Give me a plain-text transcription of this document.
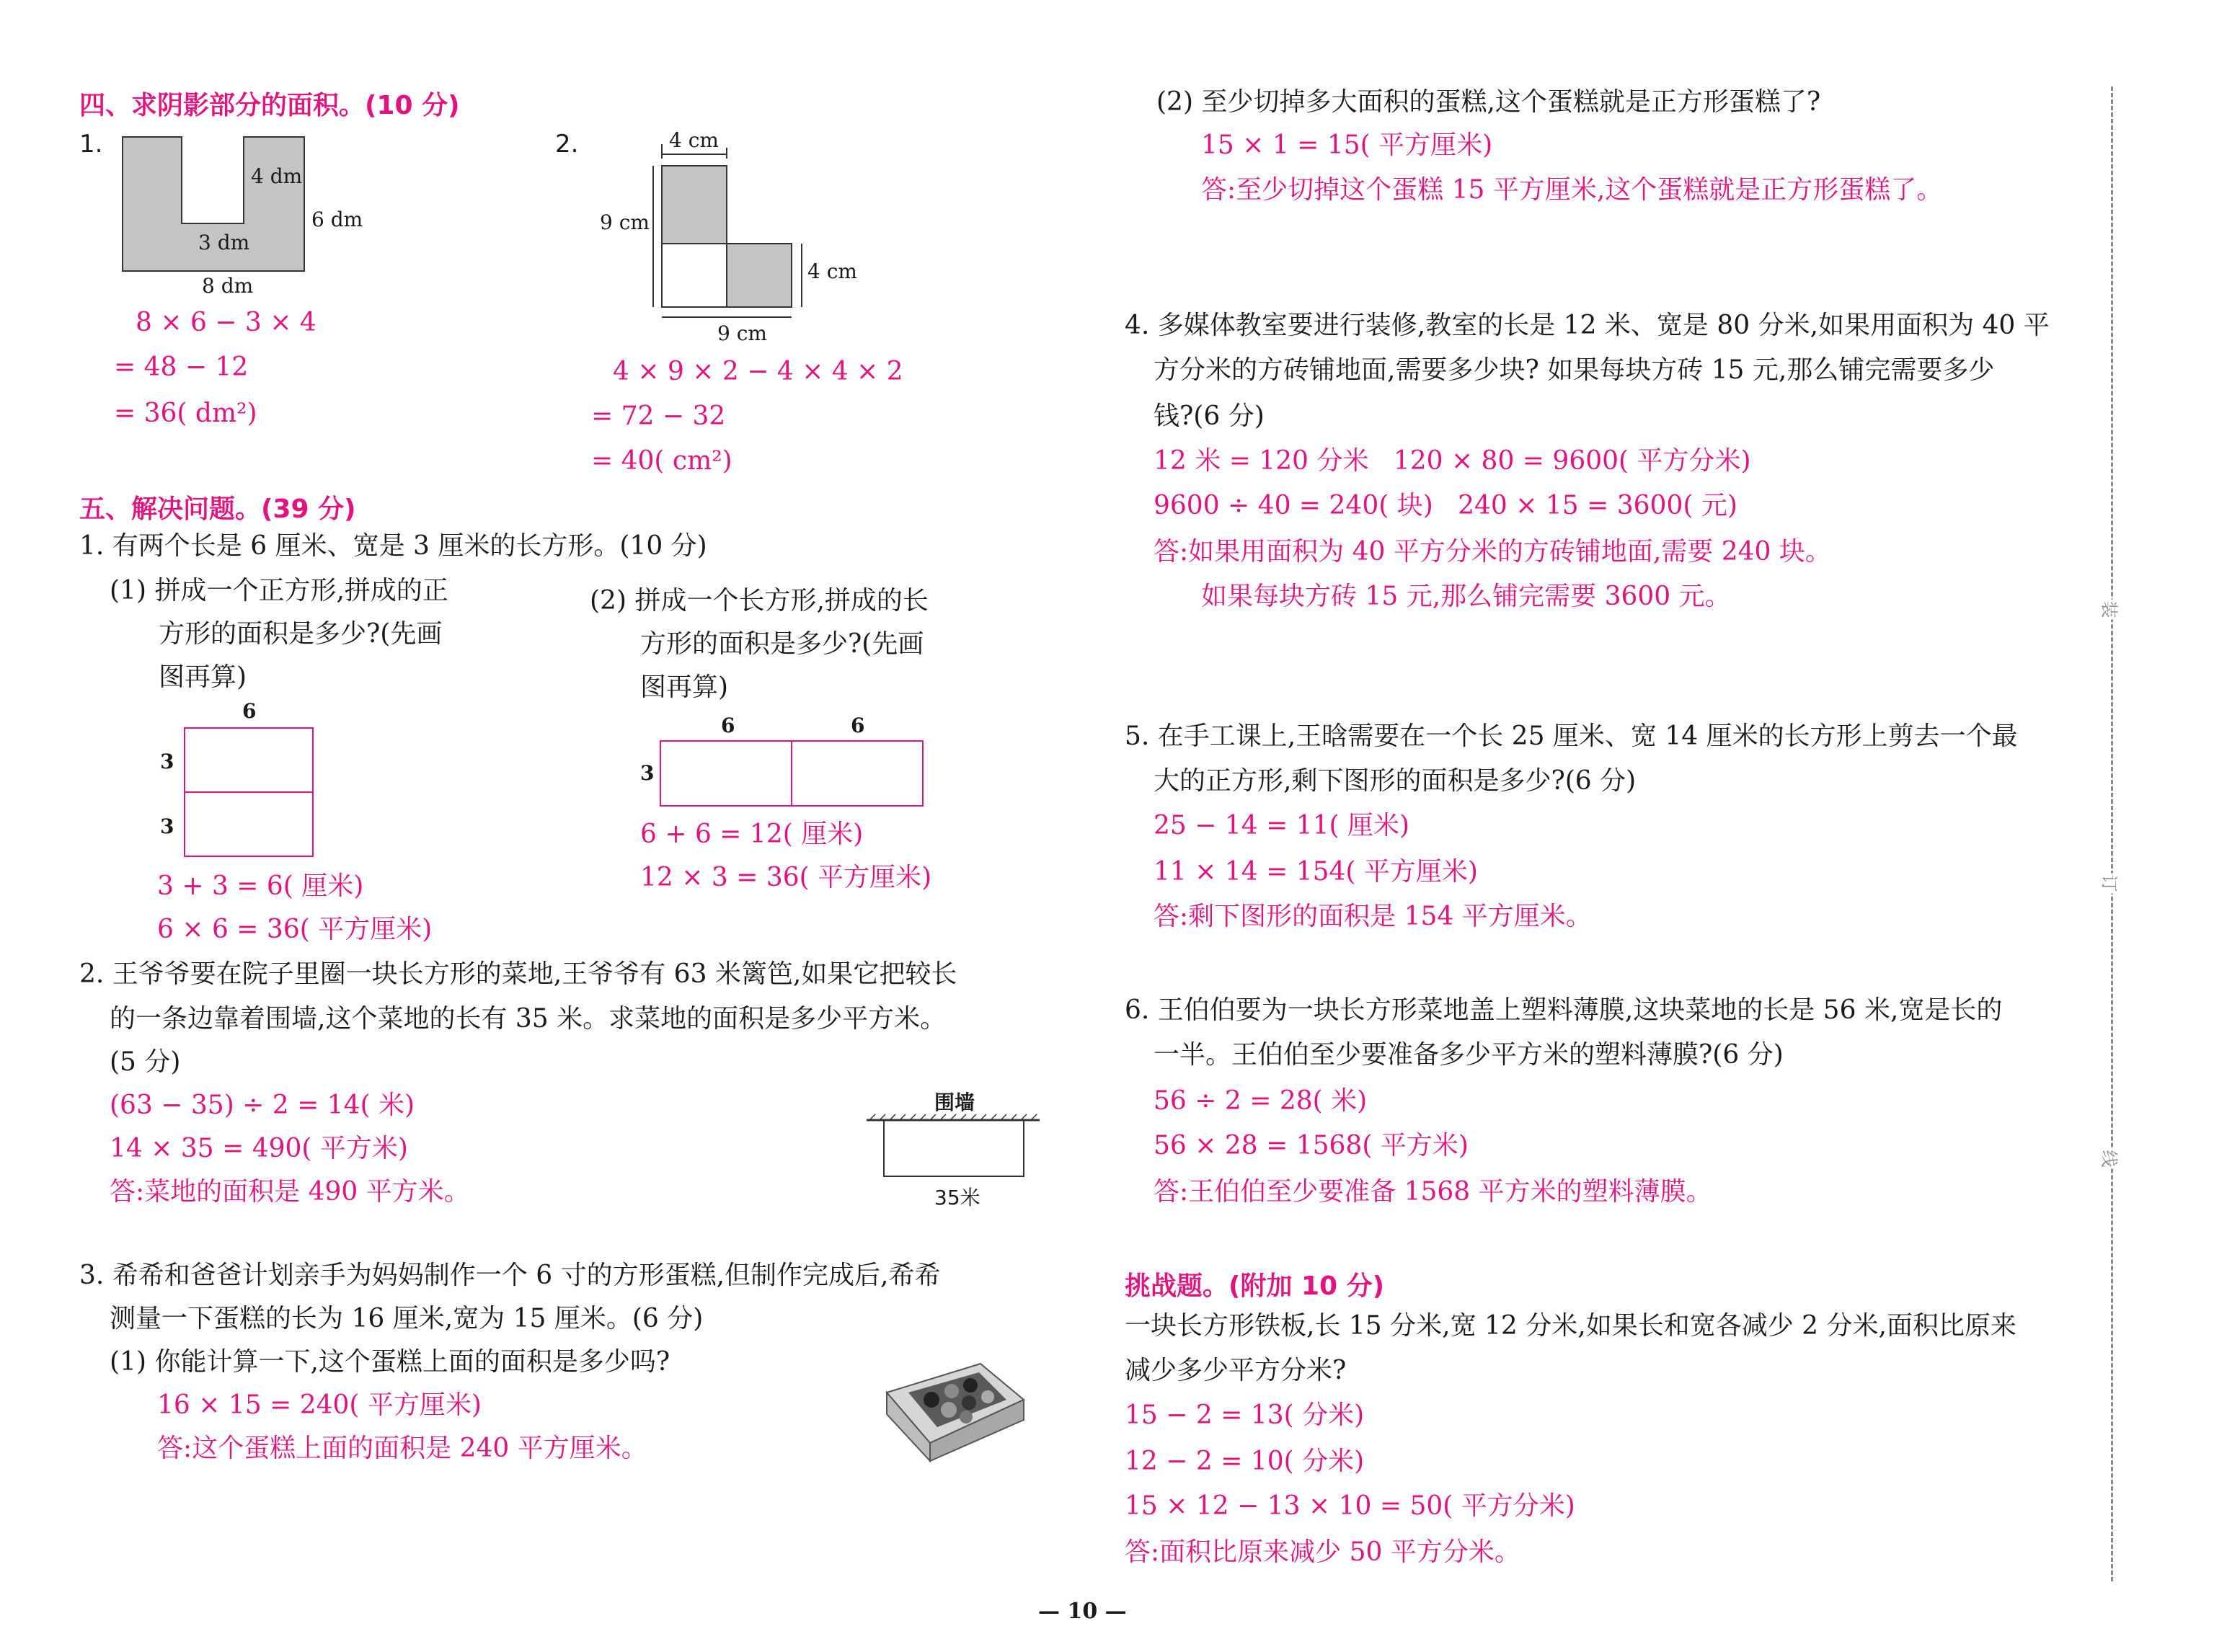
四、求阴影部分的面积。(10 分)
1.
4 dm
6 dm
3 dm
8 dm
8 × 6 − 3 × 4
= 48 − 12
= 36( dm²)
2.	4 cm
9 cm
4 cm
9 cm
4 × 9 × 2 − 4 × 4 × 2
= 72 − 32
= 40( cm²)
五、解决问题。(39 分)
1. 有两个长是 6 厘米、宽是 3 厘米的长方形。(10 分)
(1) 拼成一个正方形,拼成的正
方形的面积是多少?(先画
图再算)
6
3
3
3 + 3 = 6( 厘米)
6 × 6 = 36( 平方厘米)
(2) 拼成一个长方形,拼成的长
方形的面积是多少?(先画
图再算)
6	6
3
6 + 6 = 12( 厘米)
12 × 3 = 36( 平方厘米)
2. 王爷爷要在院子里圈一块长方形的菜地,王爷爷有 63 米篱笆,如果它把较长
的一条边靠着围墙,这个菜地的长有 35 米。求菜地的面积是多少平方米。
(5 分)
(63 − 35) ÷ 2 = 14( 米)
14 × 35 = 490( 平方米)
答:菜地的面积是 490 平方米。
围墙
35米
3. 希希和爸爸计划亲手为妈妈制作一个 6 寸的方形蛋糕,但制作完成后,希希
测量一下蛋糕的长为 16 厘米,宽为 15 厘米。(6 分)
(1) 你能计算一下,这个蛋糕上面的面积是多少吗?
16 × 15 = 240( 平方厘米)
答:这个蛋糕上面的面积是 240 平方厘米。
(2) 至少切掉多大面积的蛋糕,这个蛋糕就是正方形蛋糕了?
15 × 1 = 15( 平方厘米)
答:至少切掉这个蛋糕 15 平方厘米,这个蛋糕就是正方形蛋糕了。
4. 多媒体教室要进行装修,教室的长是 12 米、宽是 80 分米,如果用面积为 40 平
方分米的方砖铺地面,需要多少块? 如果每块方砖 15 元,那么铺完需要多少
钱?(6 分)
12 米 = 120 分米   120 × 80 = 9600( 平方分米)
9600 ÷ 40 = 240( 块)   240 × 15 = 3600( 元)
答:如果用面积为 40 平方分米的方砖铺地面,需要 240 块。
如果每块方砖 15 元,那么铺完需要 3600 元。
5. 在手工课上,王晗需要在一个长 25 厘米、宽 14 厘米的长方形上剪去一个最
大的正方形,剩下图形的面积是多少?(6 分)
25 − 14 = 11( 厘米)
11 × 14 = 154( 平方厘米)
答:剩下图形的面积是 154 平方厘米。
6. 王伯伯要为一块长方形菜地盖上塑料薄膜,这块菜地的长是 56 米,宽是长的
一半。王伯伯至少要准备多少平方米的塑料薄膜?(6 分)
56 ÷ 2 = 28( 米)
56 × 28 = 1568( 平方米)
答:王伯伯至少要准备 1568 平方米的塑料薄膜。
挑战题。(附加 10 分)
一块长方形铁板,长 15 分米,宽 12 分米,如果长和宽各减少 2 分米,面积比原来
减少多少平方分米?
15 − 2 = 13( 分米)
12 − 2 = 10( 分米)
15 × 12 − 13 × 10 = 50( 平方分米)
答:面积比原来减少 50 平方分米。
装
订
线
— 10 —
